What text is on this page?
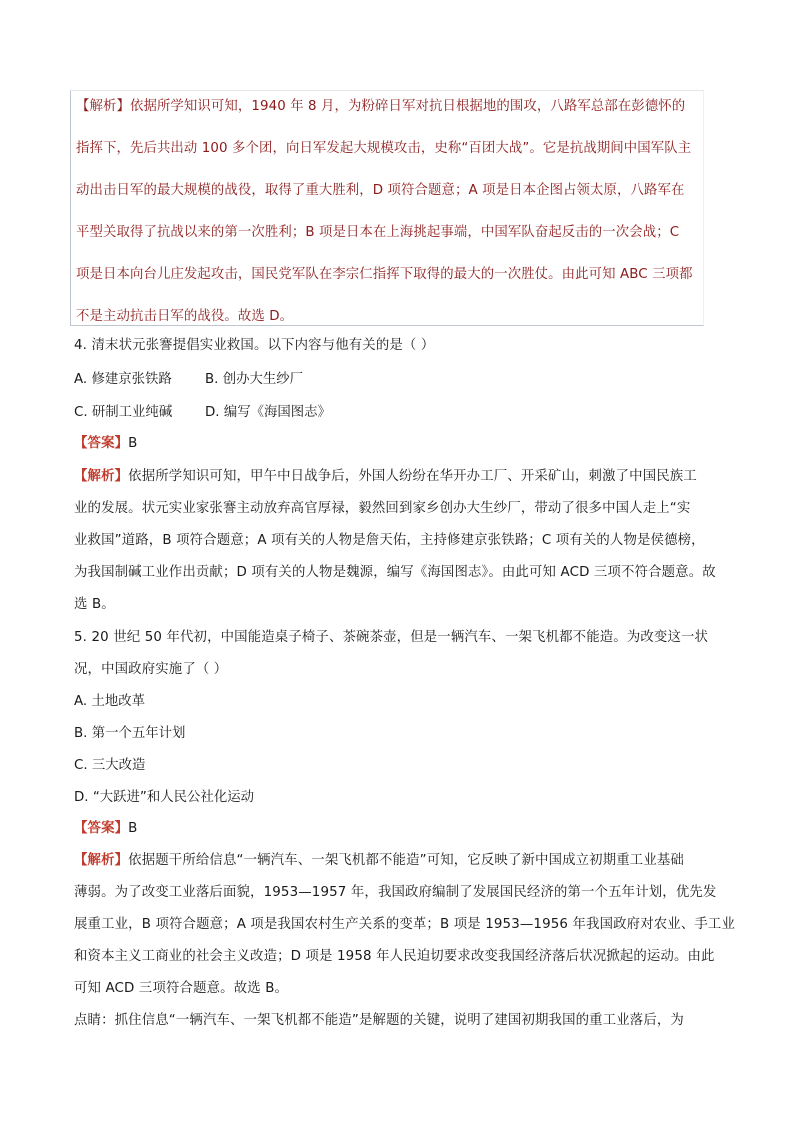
【解析】依据所学知识可知，1940 年 8 月，为粉碎日军对抗日根据地的围攻，八路军总部在彭德怀的
指挥下，先后共出动 100 多个团，向日军发起大规模攻击，史称“百团大战”。它是抗战期间中国军队主
动出击日军的最大规模的战役，取得了重大胜利，D 项符合题意；A 项是日本企图占领太原，八路军在
平型关取得了抗战以来的第一次胜利；B 项是日本在上海挑起事端，中国军队奋起反击的一次会战；C
项是日本向台儿庄发起攻击，国民党军队在李宗仁指挥下取得的最大的一次胜仗。由此可知 ABC 三项都
不是主动抗击日军的战役。故选 D。
4. 清末状元张謇提倡实业救国。以下内容与他有关的是（ ）
A. 修建京张铁路 B. 创办大生纱厂
C. 研制工业纯碱 D. 编写《海国图志》
【答案】B
【解析】依据所学知识可知，甲午中日战争后，外国人纷纷在华开办工厂、开采矿山，刺激了中国民族工
业的发展。状元实业家张謇主动放弃高官厚禄，毅然回到家乡创办大生纱厂，带动了很多中国人走上“实
业救国”道路，B 项符合题意；A 项有关的人物是詹天佑，主持修建京张铁路；C 项有关的人物是侯德榜，
为我国制碱工业作出贡献；D 项有关的人物是魏源，编写《海国图志》。由此可知 ACD 三项不符合题意。故
选 B。
5. 20 世纪 50 年代初，中国能造桌子椅子、茶碗茶壶，但是一辆汽车、一架飞机都不能造。为改变这一状
况，中国政府实施了（ ）
A. 土地改革
B. 第一个五年计划
C. 三大改造
D. “大跃进”和人民公社化运动
【答案】B
【解析】依据题干所给信息“一辆汽车、一架飞机都不能造”可知，它反映了新中国成立初期重工业基础
薄弱。为了改变工业落后面貌，1953—1957 年，我国政府编制了发展国民经济的第一个五年计划，优先发
展重工业，B 项符合题意；A 项是我国农村生产关系的变革；B 项是 1953—1956 年我国政府对农业、手工业
和资本主义工商业的社会主义改造；D 项是 1958 年人民迫切要求改变我国经济落后状况掀起的运动。由此
可知 ACD 三项符合题意。故选 B。
点睛：抓住信息“一辆汽车、一架飞机都不能造”是解题的关键，说明了建国初期我国的重工业落后，为
